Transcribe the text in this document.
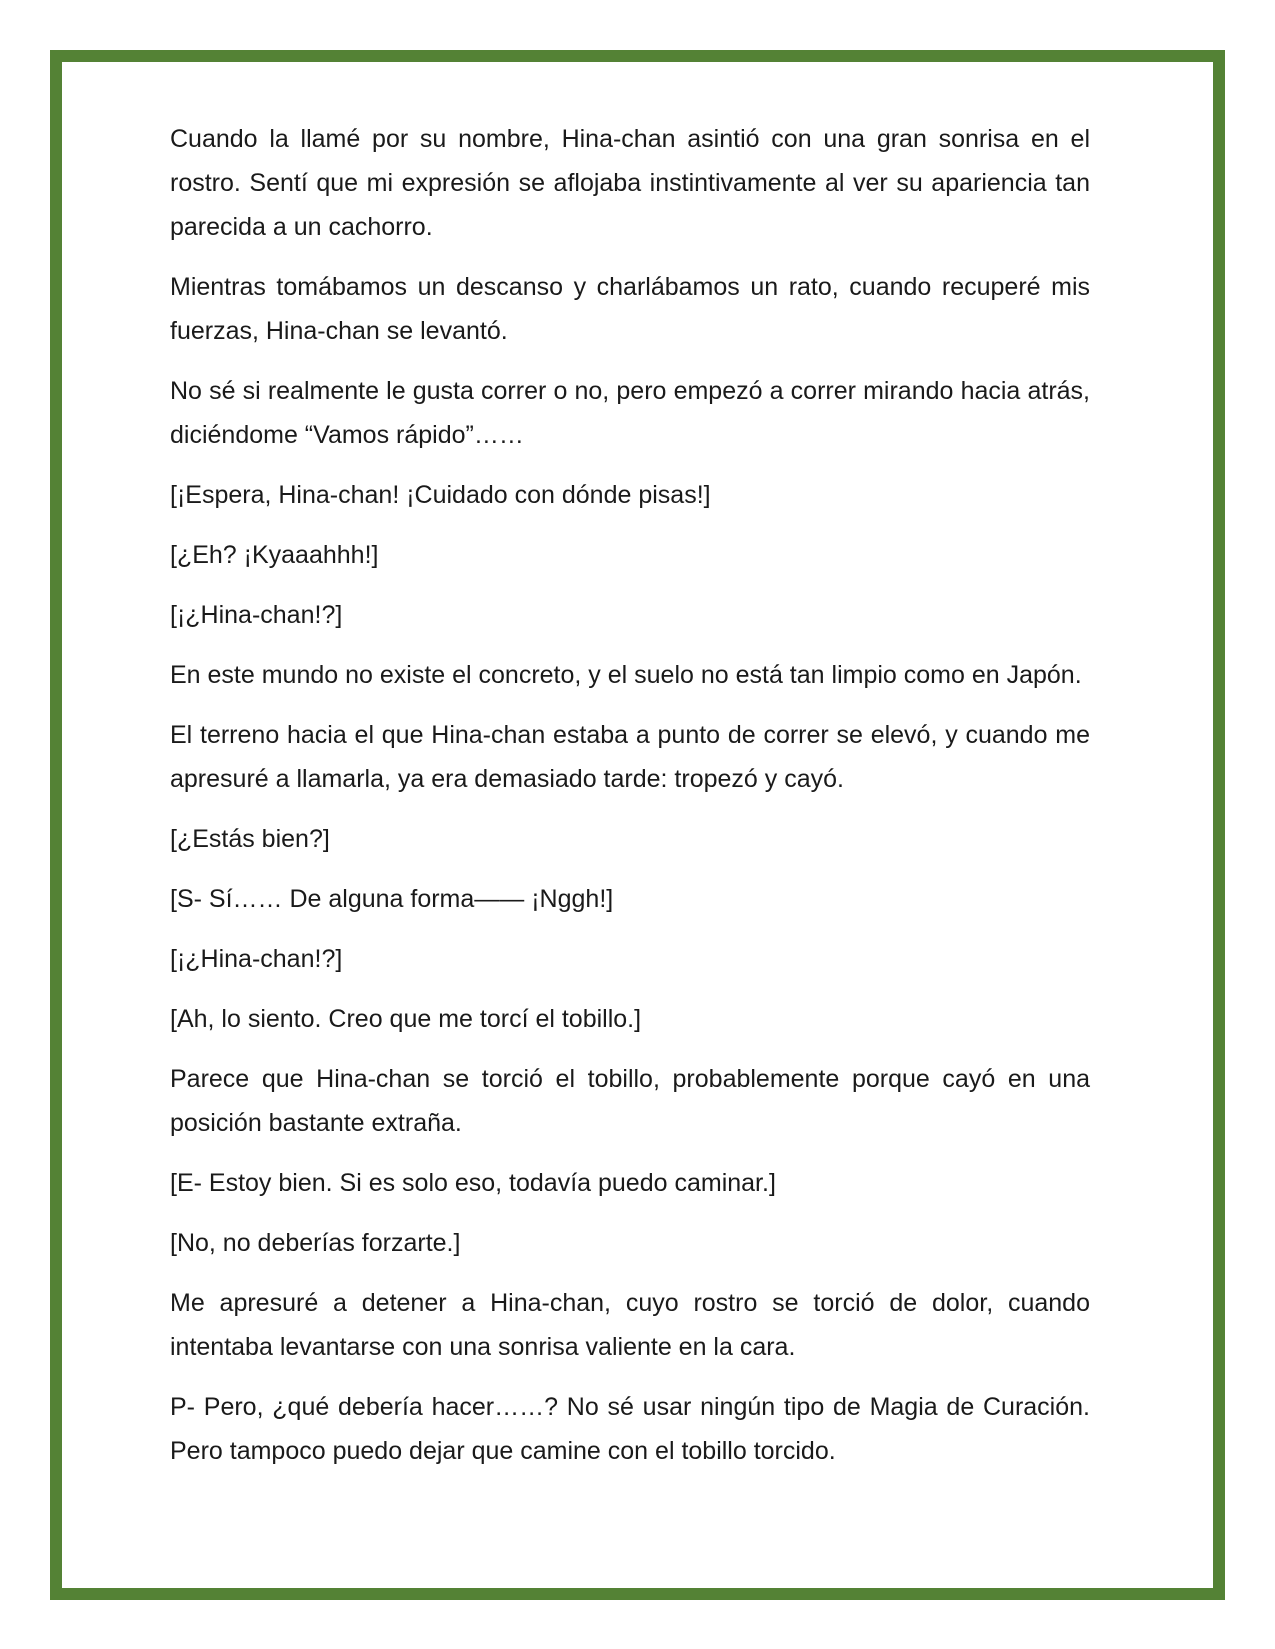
Cuando la llamé por su nombre, Hina-chan asintió con una gran sonrisa en el rostro. Sentí que mi expresión se aflojaba instintivamente al ver su apariencia tan parecida a un cachorro.

Mientras tomábamos un descanso y charlábamos un rato, cuando recuperé mis fuerzas, Hina-chan se levantó.

No sé si realmente le gusta correr o no, pero empezó a correr mirando hacia atrás, diciéndome “Vamos rápido”……

[¡Espera, Hina-chan! ¡Cuidado con dónde pisas!]

[¿Eh? ¡Kyaaahhh!]

[¡¿Hina-chan!?]

En este mundo no existe el concreto, y el suelo no está tan limpio como en Japón.

El terreno hacia el que Hina-chan estaba a punto de correr se elevó, y cuando me apresuré a llamarla, ya era demasiado tarde: tropezó y cayó.

[¿Estás bien?]

[S- Sí…… De alguna forma—— ¡Nggh!]

[¡¿Hina-chan!?]

[Ah, lo siento. Creo que me torcí el tobillo.]

Parece que Hina-chan se torció el tobillo, probablemente porque cayó en una posición bastante extraña.

[E- Estoy bien. Si es solo eso, todavía puedo caminar.]

[No, no deberías forzarte.]

Me apresuré a detener a Hina-chan, cuyo rostro se torció de dolor, cuando intentaba levantarse con una sonrisa valiente en la cara.

P- Pero, ¿qué debería hacer……? No sé usar ningún tipo de Magia de Curación. Pero tampoco puedo dejar que camine con el tobillo torcido.
